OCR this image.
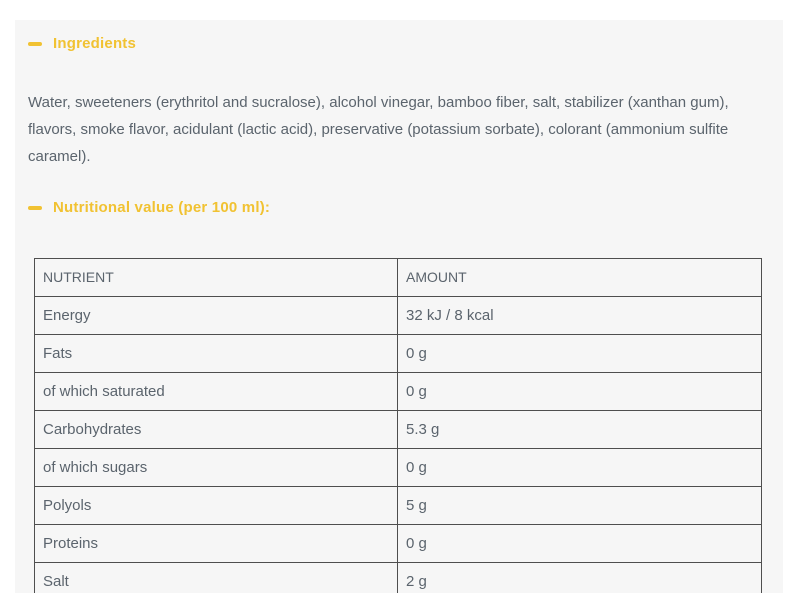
Ingredients

Water, sweeteners (erythritol and sucralose), alcohol vinegar, bamboo fiber, salt, stabilizer (xanthan gum), flavors, smoke flavor, acidulant (lactic acid), preservative (potassium sorbate), colorant (ammonium sulfite caramel).

Nutritional value (per 100 ml):
NUTRIENT	AMOUNT
Energy	32 kJ / 8 kcal
Fats	0 g
of which saturated	0 g
Carbohydrates	5.3 g
of which sugars	0 g
Polyols	5 g
Proteins	0 g
Salt	2 g
